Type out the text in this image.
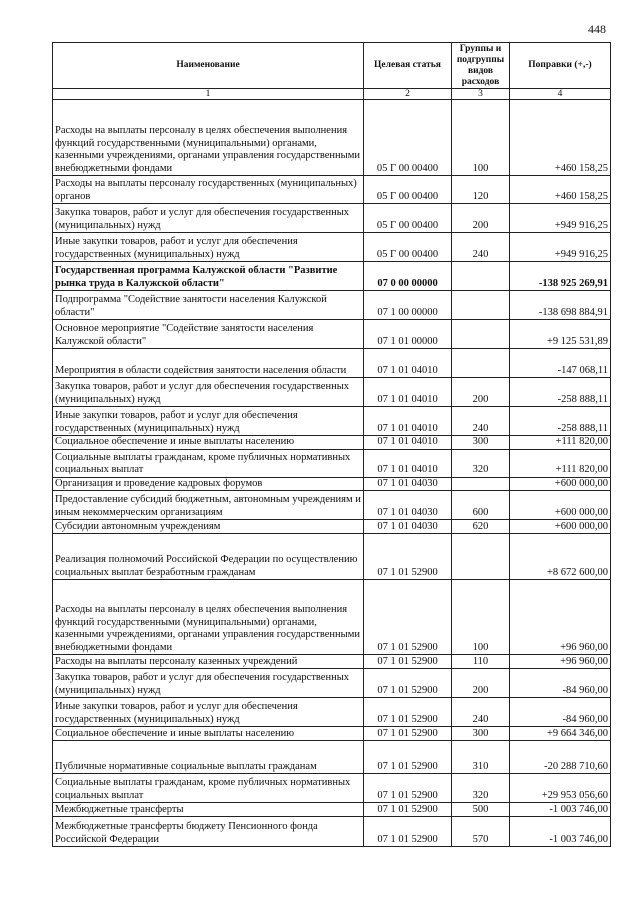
448
Наименование	Целевая статья	Группы и подгруппы видов расходов	Поправки (+,-)
1	2	3	4
Расходы на выплаты персоналу в целях обеспечения выполнения функций государственными (муниципальными) органами, казенными учреждениями, органами управления государственными внебюджетными фондами	05 Г 00 00400	100	+460 158,25
Расходы на выплаты персоналу государственных (муниципальных) органов	05 Г 00 00400	120	+460 158,25
Закупка товаров, работ и услуг для обеспечения государственных (муниципальных) нужд	05 Г 00 00400	200	+949 916,25
Иные закупки товаров, работ и услуг для обеспечения государственных (муниципальных) нужд	05 Г 00 00400	240	+949 916,25
Государственная программа Калужской области "Развитие рынка труда в Калужской области"	07 0 00 00000		-138 925 269,91
Подпрограмма "Содействие занятости населения Калужской области"	07 1 00 00000		-138 698 884,91
Основное мероприятие "Содействие занятости населения Калужской области"	07 1 01 00000		+9 125 531,89
Мероприятия в области содействия занятости населения области	07 1 01 04010		-147 068,11
Закупка товаров, работ и услуг для обеспечения государственных (муниципальных) нужд	07 1 01 04010	200	-258 888,11
Иные закупки товаров, работ и услуг для обеспечения государственных (муниципальных) нужд	07 1 01 04010	240	-258 888,11
Социальное обеспечение и иные выплаты населению	07 1 01 04010	300	+111 820,00
Социальные выплаты гражданам, кроме публичных нормативных социальных выплат	07 1 01 04010	320	+111 820,00
Организация и проведение кадровых форумов	07 1 01 04030		+600 000,00
Предоставление субсидий бюджетным, автономным учреждениям и иным некоммерческим организациям	07 1 01 04030	600	+600 000,00
Субсидии автономным учреждениям	07 1 01 04030	620	+600 000,00
Реализация полномочий Российской Федерации по осуществлению социальных выплат безработным гражданам	07 1 01 52900		+8 672 600,00
Расходы на выплаты персоналу в целях обеспечения выполнения функций государственными (муниципальными) органами, казенными учреждениями, органами управления государственными внебюджетными фондами	07 1 01 52900	100	+96 960,00
Расходы на выплаты персоналу казенных учреждений	07 1 01 52900	110	+96 960,00
Закупка товаров, работ и услуг для обеспечения государственных (муниципальных) нужд	07 1 01 52900	200	-84 960,00
Иные закупки товаров, работ и услуг для обеспечения государственных (муниципальных) нужд	07 1 01 52900	240	-84 960,00
Социальное обеспечение и иные выплаты населению	07 1 01 52900	300	+9 664 346,00
Публичные нормативные социальные выплаты гражданам	07 1 01 52900	310	-20 288 710,60
Социальные выплаты гражданам, кроме публичных нормативных социальных выплат	07 1 01 52900	320	+29 953 056,60
Межбюджетные трансферты	07 1 01 52900	500	-1 003 746,00
Межбюджетные трансферты бюджету Пенсионного фонда Российской Федерации	07 1 01 52900	570	-1 003 746,00
